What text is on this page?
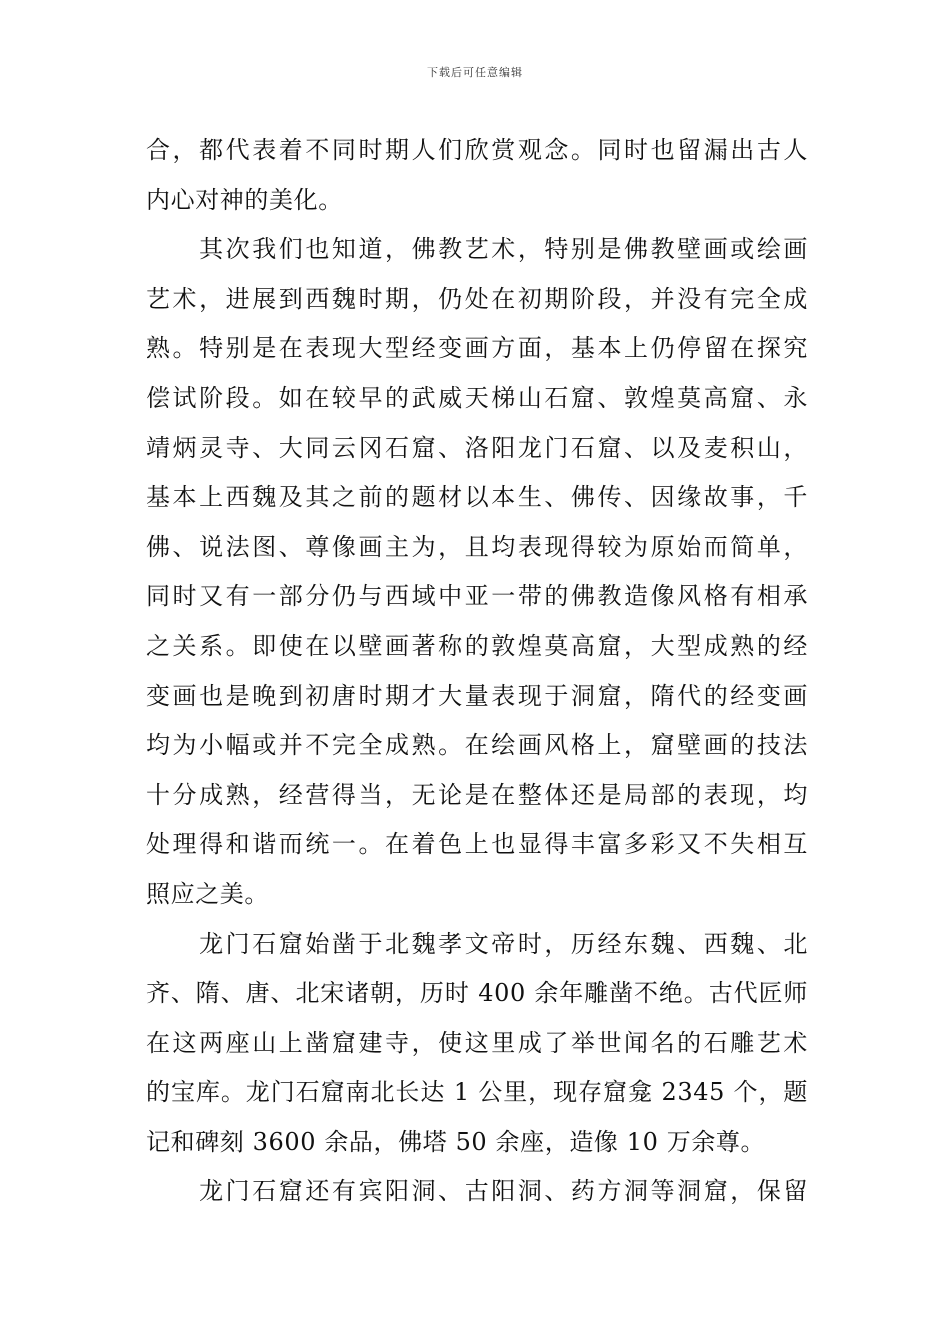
下载后可任意编辑
合，都代表着不同时期人们欣赏观念。同时也留漏出古人
内心对神的美化。
　　其次我们也知道，佛教艺术，特别是佛教壁画或绘画
艺术，进展到西魏时期，仍处在初期阶段，并没有完全成
熟。特别是在表现大型经变画方面，基本上仍停留在探究
偿试阶段。如在较早的武威天梯山石窟、敦煌莫高窟、永
靖炳灵寺、大同云冈石窟、洛阳龙门石窟、以及麦积山，
基本上西魏及其之前的题材以本生、佛传、因缘故事，千
佛、说法图、尊像画主为，且均表现得较为原始而简单，
同时又有一部分仍与西域中亚一带的佛教造像风格有相承
之关系。即使在以壁画著称的敦煌莫高窟，大型成熟的经
变画也是晚到初唐时期才大量表现于洞窟，隋代的经变画
均为小幅或并不完全成熟。在绘画风格上，窟壁画的技法
十分成熟，经营得当，无论是在整体还是局部的表现，均
处理得和谐而统一。在着色上也显得丰富多彩又不失相互
照应之美。
　　龙门石窟始凿于北魏孝文帝时，历经东魏、西魏、北
齐、隋、唐、北宋诸朝，历时 400 余年雕凿不绝。古代匠师
在这两座山上凿窟建寺，使这里成了举世闻名的石雕艺术
的宝库。龙门石窟南北长达 1 公里，现存窟龛 2345 个，题
记和碑刻 3600 余品，佛塔 50 余座，造像 10 万余尊。
　　龙门石窟还有宾阳洞、古阳洞、药方洞等洞窟，保留
